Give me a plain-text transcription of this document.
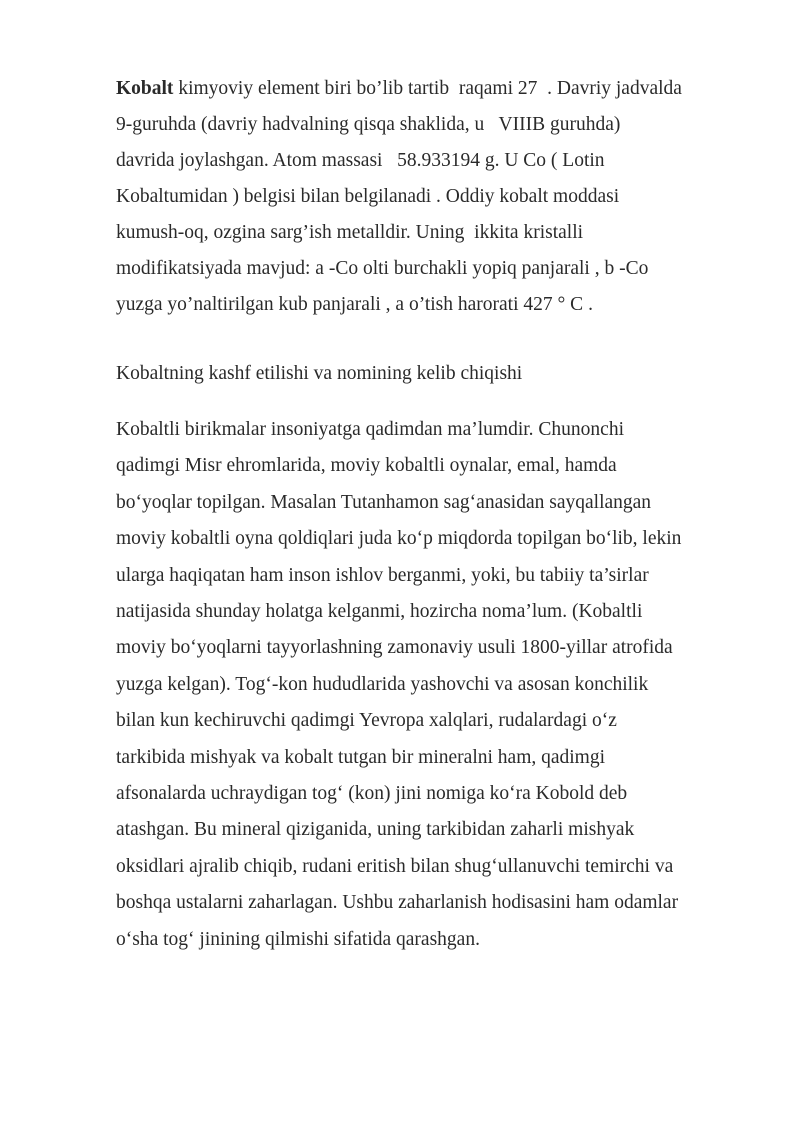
Kobalt kimyoviy element biri bo’lib tartib  raqami 27  . Davriy jadvalda
9-guruhda (davriy hadvalning qisqa shaklida, u   VIIIB guruhda)
davrida joylashgan. Atom massasi   58.933194 g. U Co ( Lotin
Kobaltumidan ) belgisi bilan belgilanadi . Oddiy kobalt moddasi
kumush-oq, ozgina sarg’ish metalldir. Uning  ikkita kristalli
modifikatsiyada mavjud: a -Co olti burchakli yopiq panjarali , b -Co
yuzga yo’naltirilgan kub panjarali , a o’tish harorati 427 ° C .
Kobaltning kashf etilishi va nomining kelib chiqishi
Kobaltli birikmalar insoniyatga qadimdan ma’lumdir. Chunonchi
qadimgi Misr ehromlarida, moviy kobaltli oynalar, emal, hamda
bo‘yoqlar topilgan. Masalan Tutanhamon sag‘anasidan sayqallangan
moviy kobaltli oyna qoldiqlari juda ko‘p miqdorda topilgan bo‘lib, lekin
ularga haqiqatan ham inson ishlov berganmi, yoki, bu tabiiy ta’sirlar
natijasida shunday holatga kelganmi, hozircha noma’lum. (Kobaltli
moviy bo‘yoqlarni tayyorlashning zamonaviy usuli 1800-yillar atrofida
yuzga kelgan). Tog‘-kon hududlarida yashovchi va asosan konchilik
bilan kun kechiruvchi qadimgi Yevropa xalqlari, rudalardagi o‘z
tarkibida mishyak va kobalt tutgan bir mineralni ham, qadimgi
afsonalarda uchraydigan tog‘ (kon) jini nomiga ko‘ra Kobold deb
atashgan. Bu mineral qiziganida, uning tarkibidan zaharli mishyak
oksidlari ajralib chiqib, rudani eritish bilan shug‘ullanuvchi temirchi va
boshqa ustalarni zaharlagan. Ushbu zaharlanish hodisasini ham odamlar
o‘sha tog‘ jinining qilmishi sifatida qarashgan.
